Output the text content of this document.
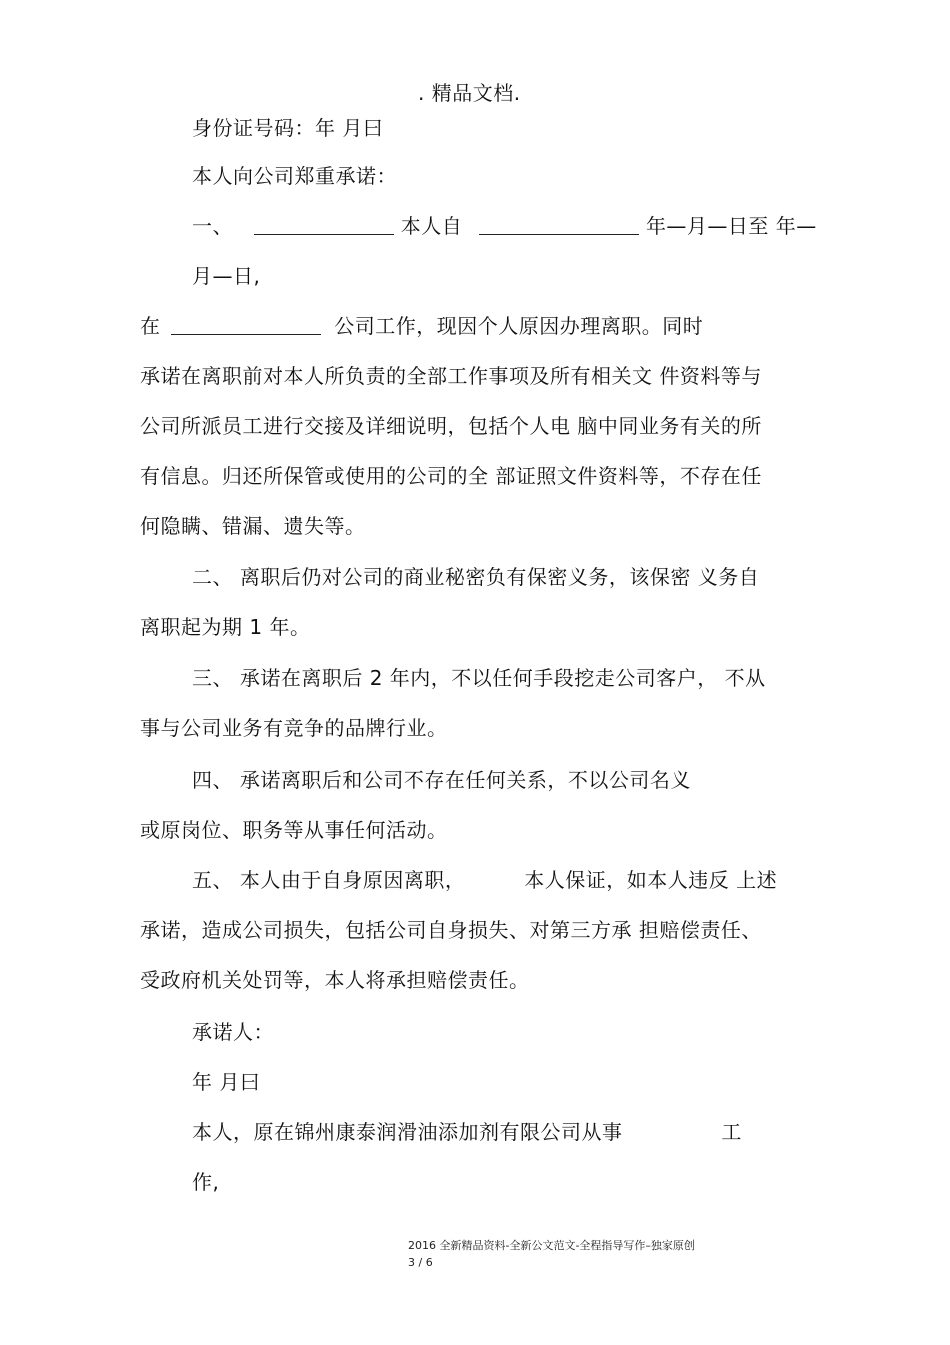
. 精品文档.
身份证号码：年 月曰
本人向公司郑重承诺：
一、	本人自	年—月—日至 年—
月—日,
在	公司工作，现因个人原因办理离职。同时
承诺在离职前对本人所负责的全部工作事项及所有相关文 件资料等与
公司所派员工进行交接及详细说明，包括个人电 脑中同业务有关的所
有信息。归还所保管或使用的公司的全 部证照文件资料等，不存在任
何隐瞒、错漏、遗失等。
二、 离职后仍对公司的商业秘密负有保密义务，该保密 义务自
离职起为期 1 年。
三、 承诺在离职后 2 年内，不以任何手段挖走公司客户， 不从
事与公司业务有竞争的品牌行业。
四、 承诺离职后和公司不存在任何关系，不以公司名义
或原岗位、职务等从事任何活动。
五、 本人由于自身原因离职，	本人保证，如本人违反 上述
承诺，造成公司损失，包括公司自身损失、对第三方承 担赔偿责任、
受政府机关处罚等，本人将承担赔偿责任。
承诺人：
年 月曰
本人，原在锦州康泰润滑油添加剂有限公司从事	工
作,
2016 全新精品资料-全新公文范文-全程指导写作–独家原创
3 / 6
